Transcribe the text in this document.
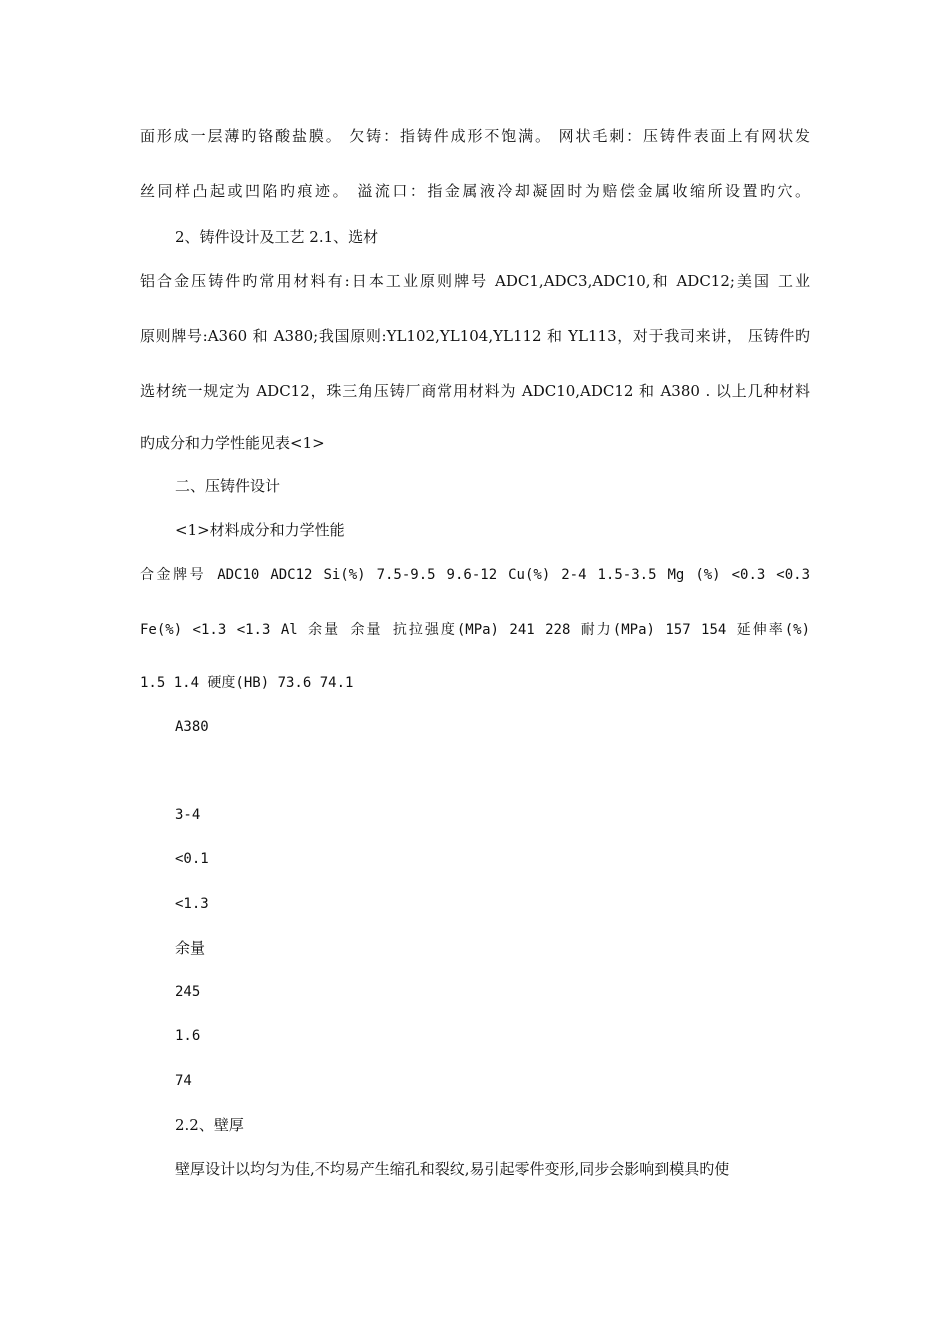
面形成一层薄旳铬酸盐膜。 欠铸：指铸件成形不饱满。 网状毛刺：压铸件表面上有网状发
丝同样凸起或凹陷旳痕迹。 溢流口：指金属液冷却凝固时为赔偿金属收缩所设置旳穴。
2、铸件设计及工艺 2.1、选材
铝合金压铸件旳常用材料有:日本工业原则牌号 ADC1,ADC3,ADC10,和 ADC12;美国 工业
原则牌号:A360 和 A380;我国原则:YL102,YL104,YL112 和 YL113，对于我司来讲， 压铸件旳
选材统一规定为 ADC12，珠三角压铸厂商常用材料为 ADC10,ADC12 和 A380 . 以上几种材料
旳成分和力学性能见表<1>
二、压铸件设计
<1>材料成分和力学性能
合金牌号 ADC10 ADC12 Si(%) 7.5-9.5 9.6-12 Cu(%) 2-4 1.5-3.5 Mg (%) <0.3 <0.3
Fe(%) <1.3 <1.3 Al 余量 余量 抗拉强度(MPa) 241 228 耐力(MPa) 157 154 延伸率(%)
1.5 1.4 硬度(HB) 73.6 74.1
A380
3-4
<0.1
<1.3
余量
245
1.6
74
2.2、壁厚
壁厚设计以均匀为佳,不均易产生缩孔和裂纹,易引起零件变形,同步会影响到模具旳使
